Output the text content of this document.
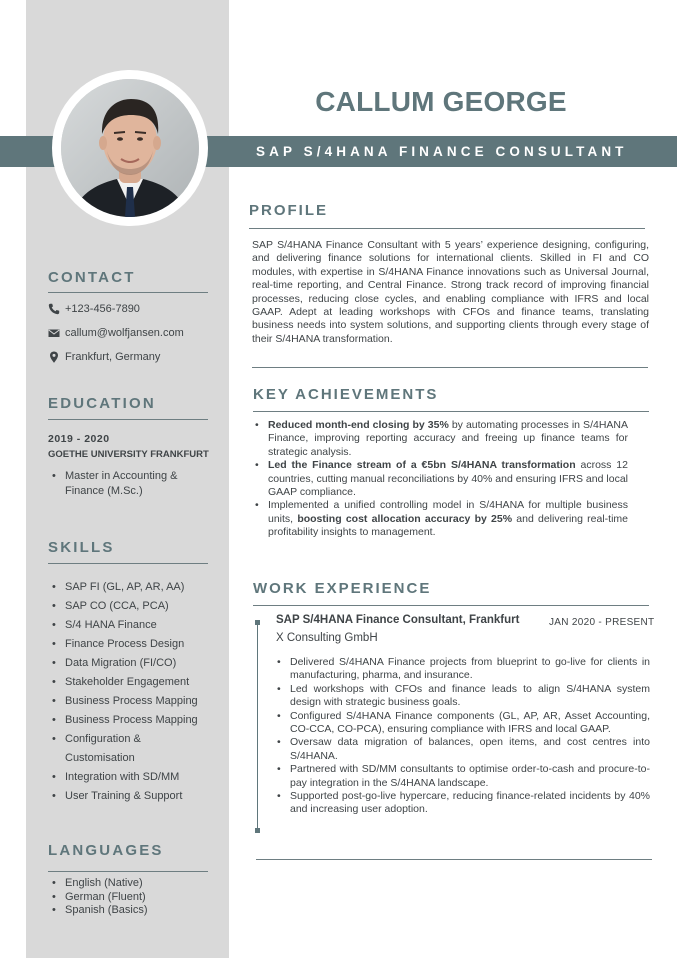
SAP S/4HANA FINANCE CONSULTANT
CALLUM GEORGE
CONTACT
+123-456-7890
callum@wolfjansen.com
Frankfurt, Germany
EDUCATION
2019 - 2020
GOETHE UNIVERSITY FRANKFURT
• Master in Accounting & Finance (M.Sc.)
SKILLS
• SAP FI (GL, AP, AR, AA)
• SAP CO (CCA, PCA)
• S/4 HANA Finance
• Finance Process Design
• Data Migration (FI/CO)
• Stakeholder Engagement
• Business Process Mapping
• Business Process Mapping
• Configuration & Customisation
• Integration with SD/MM
• User Training & Support
LANGUAGES
• English (Native)
• German (Fluent)
• Spanish (Basics)
PROFILE
SAP S/4HANA Finance Consultant with 5 years’ experience designing, configuring, and delivering finance solutions for international clients. Skilled in FI and CO modules, with expertise in S/4HANA Finance innovations such as Universal Journal, real-time reporting, and Central Finance. Strong track record of improving financial processes, reducing close cycles, and enabling compliance with IFRS and local GAAP. Adept at leading workshops with CFOs and finance teams, translating business needs into system solutions, and supporting clients through every stage of their S/4HANA transformation.
KEY ACHIEVEMENTS
• Reduced month-end closing by 35% by automating processes in S/4HANA Finance, improving reporting accuracy and freeing up finance teams for strategic analysis.
• Led the Finance stream of a €5bn S/4HANA transformation across 12 countries, cutting manual reconciliations by 40% and ensuring IFRS and local GAAP compliance.
• Implemented a unified controlling model in S/4HANA for multiple business units, boosting cost allocation accuracy by 25% and delivering real-time profitability insights to management.
WORK EXPERIENCE
SAP S/4HANA Finance Consultant, Frankfurt	JAN 2020 - PRESENT
X Consulting GmbH
• Delivered S/4HANA Finance projects from blueprint to go-live for clients in manufacturing, pharma, and insurance.
• Led workshops with CFOs and finance leads to align S/4HANA system design with strategic business goals.
• Configured S/4HANA Finance components (GL, AP, AR, Asset Accounting, CO-CCA, CO-PCA), ensuring compliance with IFRS and local GAAP.
• Oversaw data migration of balances, open items, and cost centres into S/4HANA.
• Partnered with SD/MM consultants to optimise order-to-cash and procure-to-pay integration in the S/4HANA landscape.
• Supported post-go-live hypercare, reducing finance-related incidents by 40% and increasing user adoption.
